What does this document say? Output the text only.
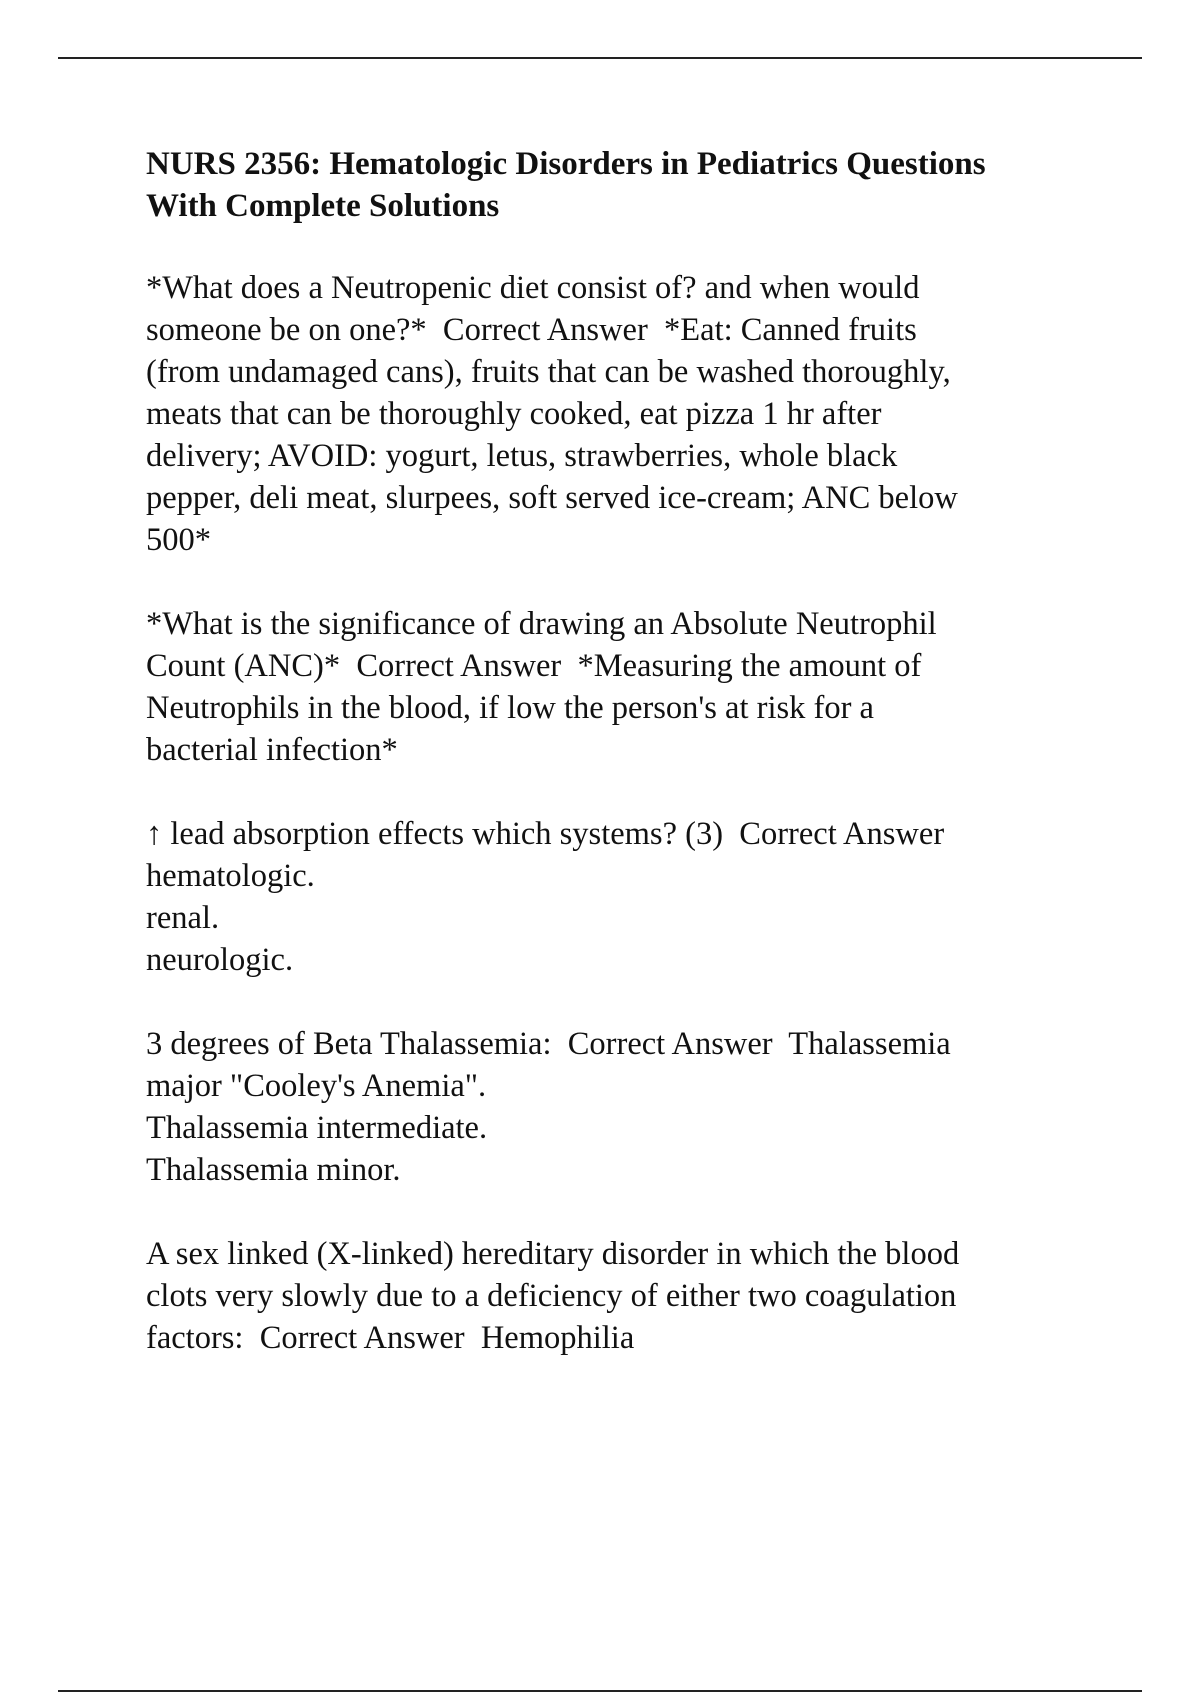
NURS 2356: Hematologic Disorders in Pediatrics Questions
With Complete Solutions
*What does a Neutropenic diet consist of? and when would
someone be on one?*  Correct Answer  *Eat: Canned fruits
(from undamaged cans), fruits that can be washed thoroughly,
meats that can be thoroughly cooked, eat pizza 1 hr after
delivery; AVOID: yogurt, letus, strawberries, whole black
pepper, deli meat, slurpees, soft served ice-cream; ANC below
500*
*What is the significance of drawing an Absolute Neutrophil
Count (ANC)*  Correct Answer  *Measuring the amount of
Neutrophils in the blood, if low the person's at risk for a
bacterial infection*
↑ lead absorption effects which systems? (3)  Correct Answer
hematologic.
renal.
neurologic.
3 degrees of Beta Thalassemia:  Correct Answer  Thalassemia
major "Cooley's Anemia".
Thalassemia intermediate.
Thalassemia minor.
A sex linked (X-linked) hereditary disorder in which the blood
clots very slowly due to a deficiency of either two coagulation
factors:  Correct Answer  Hemophilia
